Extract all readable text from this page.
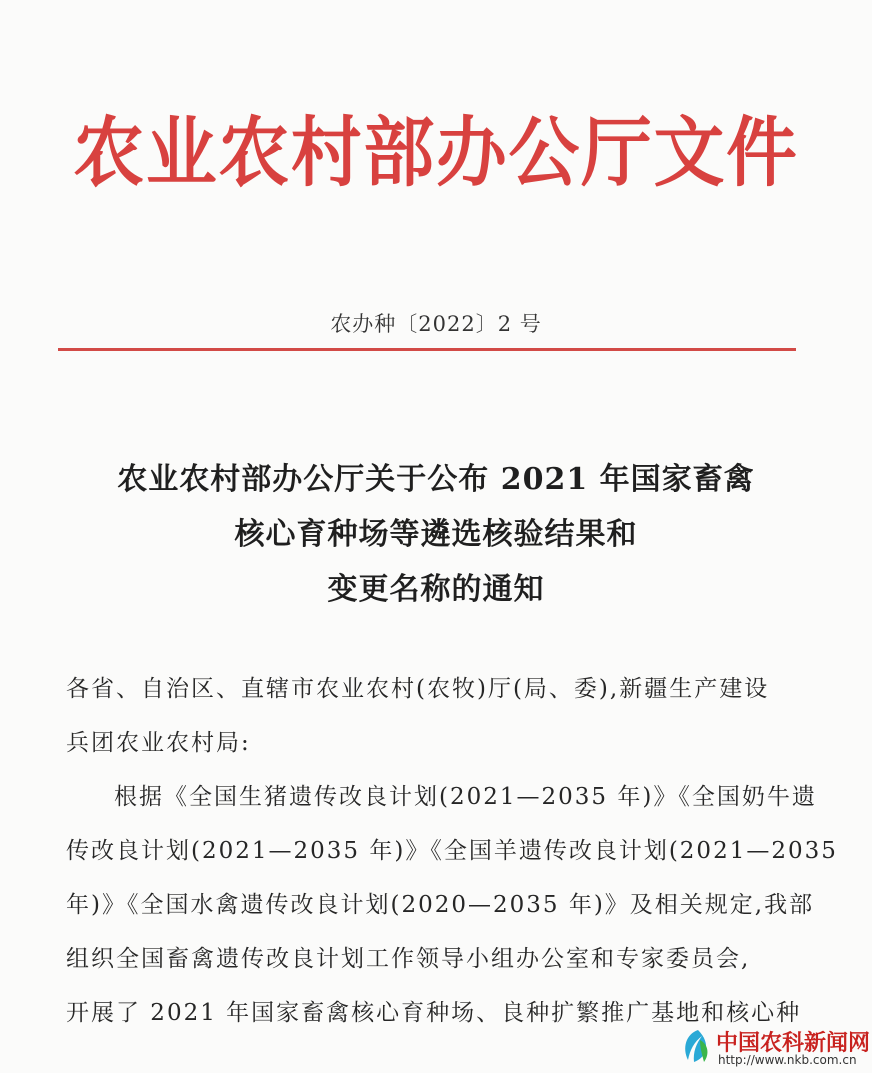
农业农村部办公厅文件
农办种〔2022〕2 号
农业农村部办公厅关于公布 2021 年国家畜禽
核心育种场等遴选核验结果和
变更名称的通知
各省、自治区、直辖市农业农村(农牧)厅(局、委),新疆生产建设
兵团农业农村局:
根据《全国生猪遗传改良计划(2021—2035 年)》《全国奶牛遗
传改良计划(2021—2035 年)》《全国羊遗传改良计划(2021—2035
年)》《全国水禽遗传改良计划(2020—2035 年)》及相关规定,我部
组织全国畜禽遗传改良计划工作领导小组办公室和专家委员会,
开展了 2021 年国家畜禽核心育种场、良种扩繁推广基地和核心种
中国农科新闻网
http://www.nkb.com.cn
